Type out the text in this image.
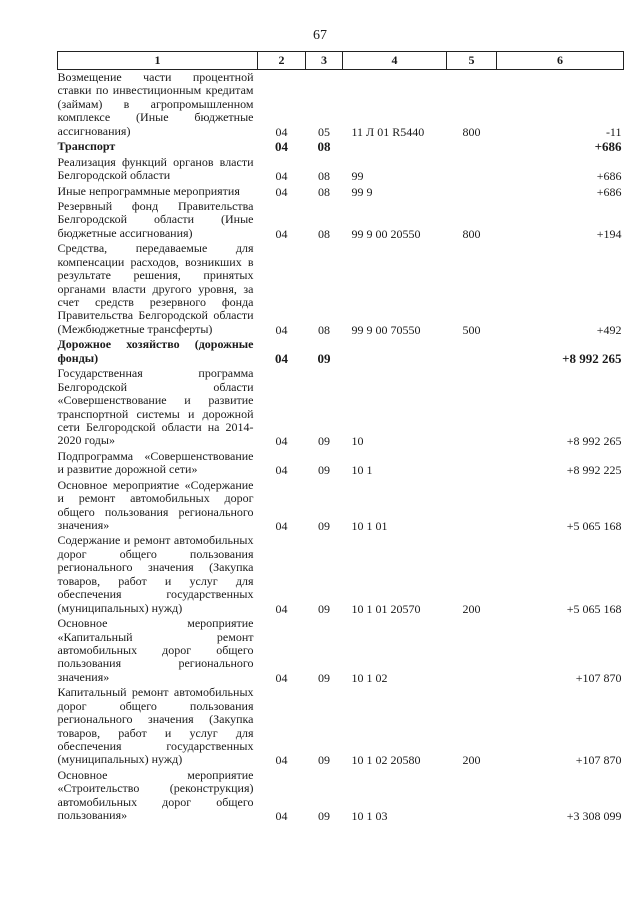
67
1	2	3	4	5	6
Возмещение части процентной ставки по инвестиционным кредитам (займам) в агропромышленном комплексе (Иные бюджетные ассигнования)	04	05	11 Л 01 R5440	800	-11
Транспорт	04	08			+686
Реализация функций органов власти Белгородской области	04	08	99		+686
Иные непрограммные мероприятия	04	08	99 9		+686
Резервный фонд Правительства Белгородской области (Иные бюджетные ассигнования)	04	08	99 9 00 20550	800	+194
Средства, передаваемые для компенсации расходов, возникших в результате решения, принятых органами власти другого уровня, за счет средств резервного фонда Правительства Белгородской области (Межбюджетные трансферты)	04	08	99 9 00 70550	500	+492
Дорожное хозяйство (дорожные фонды)	04	09			+8 992 265
Государственная программа Белгородской области «Совершенствование и развитие транспортной системы и дорожной сети Белгородской области на 2014-2020 годы»	04	09	10		+8 992 265
Подпрограмма «Совершенствование и развитие дорожной сети»	04	09	10 1		+8 992 225
Основное мероприятие «Содержание и ремонт автомобильных дорог общего пользования регионального значения»	04	09	10 1 01		+5 065 168
Содержание и ремонт автомобильных дорог общего пользования регионального значения (Закупка товаров, работ и услуг для обеспечения государственных (муниципальных) нужд)	04	09	10 1 01 20570	200	+5 065 168
Основное мероприятие «Капитальный ремонт автомобильных дорог общего пользования регионального значения»	04	09	10 1 02		+107 870
Капитальный ремонт автомобильных дорог общего пользования регионального значения (Закупка товаров, работ и услуг для обеспечения государственных (муниципальных) нужд)	04	09	10 1 02 20580	200	+107 870
Основное мероприятие «Строительство (реконструкция) автомобильных дорог общего пользования»	04	09	10 1 03		+3 308 099
